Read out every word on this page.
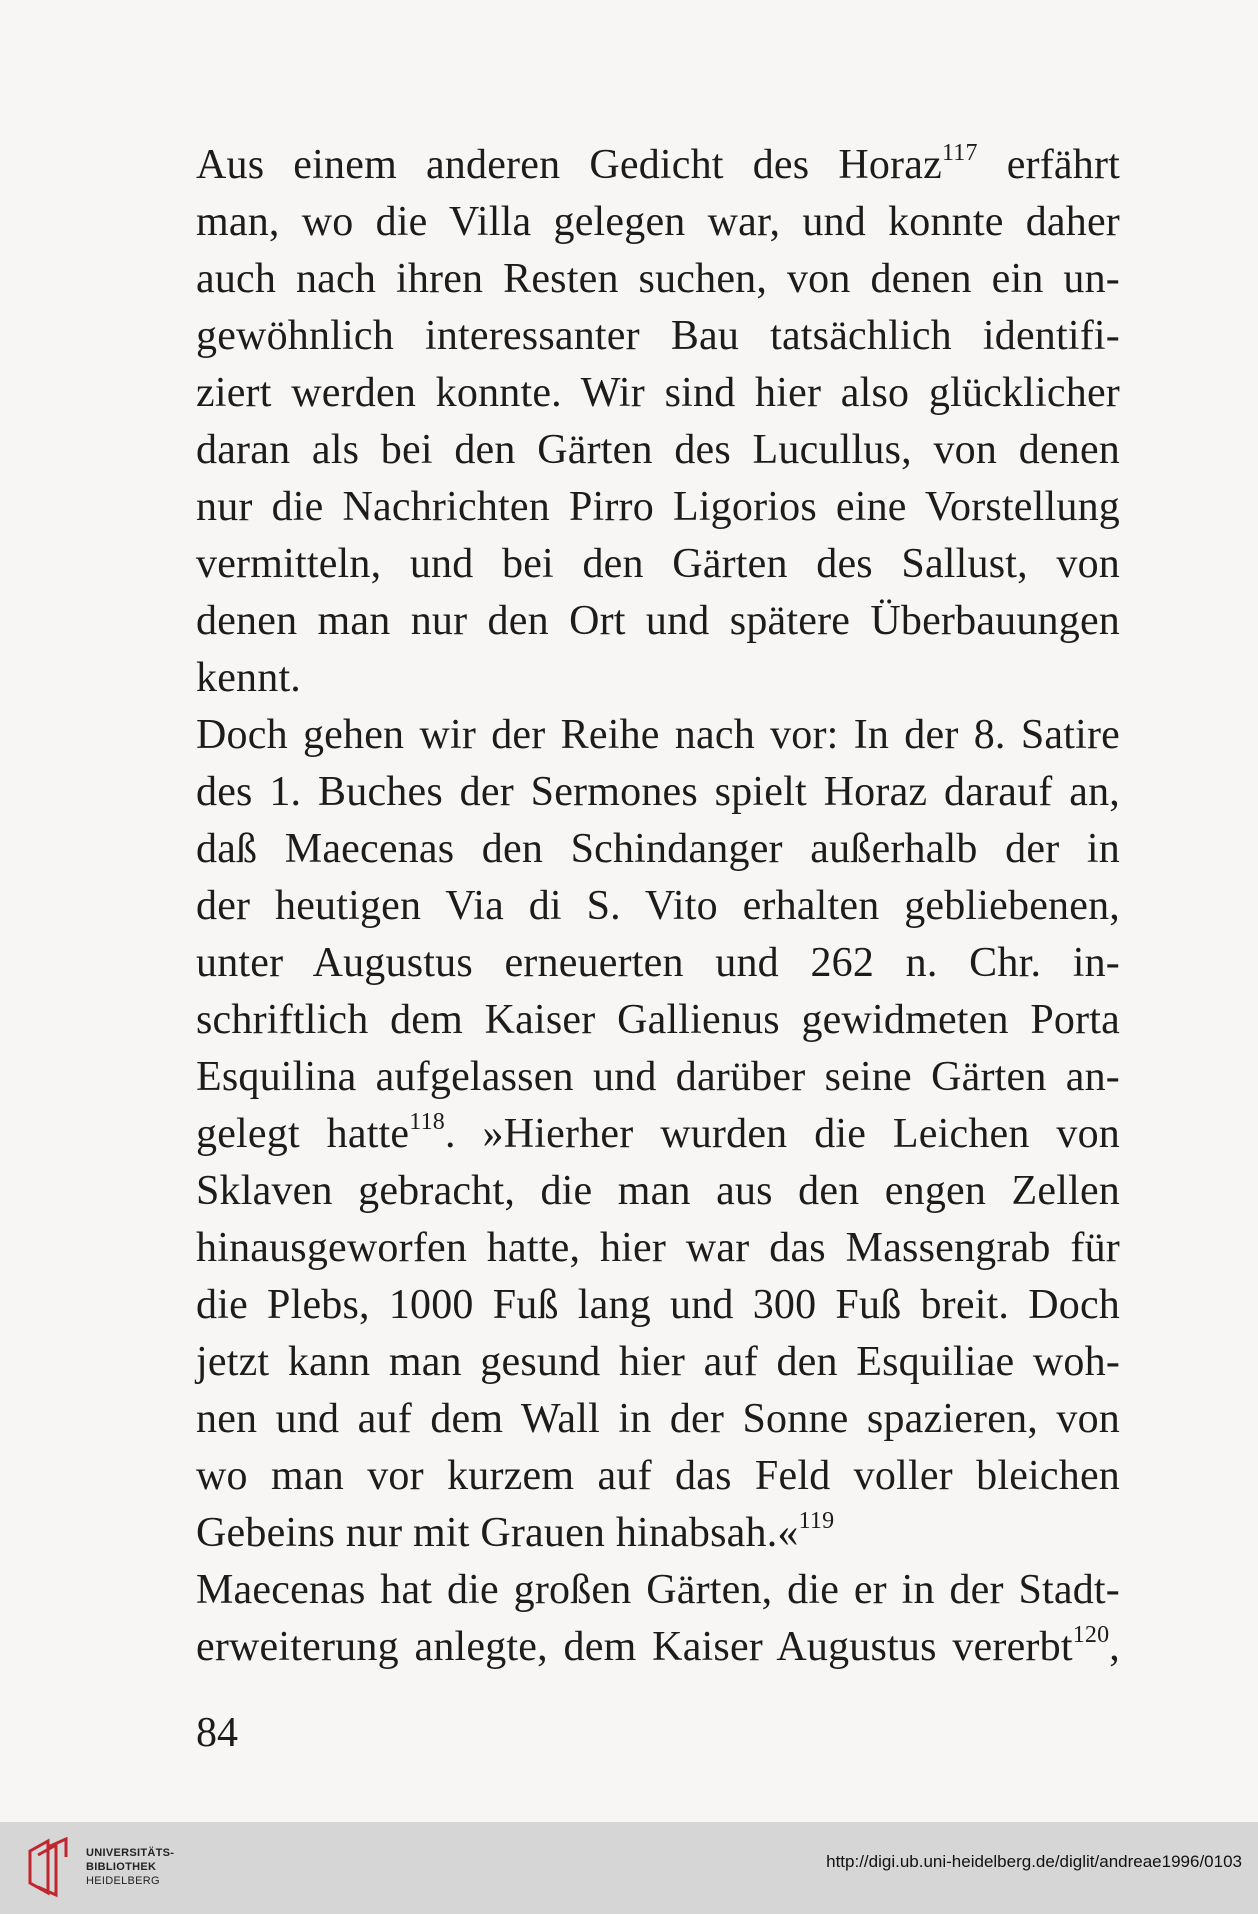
Aus einem anderen Gedicht des Horaz$^{117}$ erfährt
man, wo die Villa gelegen war, und konnte daher
auch nach ihren Resten suchen, von denen ein un-
gewöhnlich interessanter Bau tatsächlich identifi-
ziert werden konnte. Wir sind hier also glücklicher
daran als bei den Gärten des Lucullus, von denen
nur die Nachrichten Pirro Ligorios eine Vorstellung
vermitteln, und bei den Gärten des Sallust, von
denen man nur den Ort und spätere Überbauungen
kennt.
Doch gehen wir der Reihe nach vor: In der 8. Satire
des 1. Buches der Sermones spielt Horaz darauf an,
daß Maecenas den Schindanger außerhalb der in
der heutigen Via di S. Vito erhalten gebliebenen,
unter Augustus erneuerten und 262 n. Chr. in-
schriftlich dem Kaiser Gallienus gewidmeten Porta
Esquilina aufgelassen und darüber seine Gärten an-
gelegt hatte$^{118}$. »Hierher wurden die Leichen von
Sklaven gebracht, die man aus den engen Zellen
hinausgeworfen hatte, hier war das Massengrab für
die Plebs, 1000 Fuß lang und 300 Fuß breit. Doch
jetzt kann man gesund hier auf den Esquiliae woh-
nen und auf dem Wall in der Sonne spazieren, von
wo man vor kurzem auf das Feld voller bleichen
Gebeins nur mit Grauen hinabsah.«$^{119}$
Maecenas hat die großen Gärten, die er in der Stadt-
erweiterung anlegte, dem Kaiser Augustus vererbt$^{120}$,
84
UNIVERSITÄTS-
BIBLIOTHEK
HEIDELBERG
http://digi.ub.uni-heidelberg.de/diglit/andreae1996/0103
